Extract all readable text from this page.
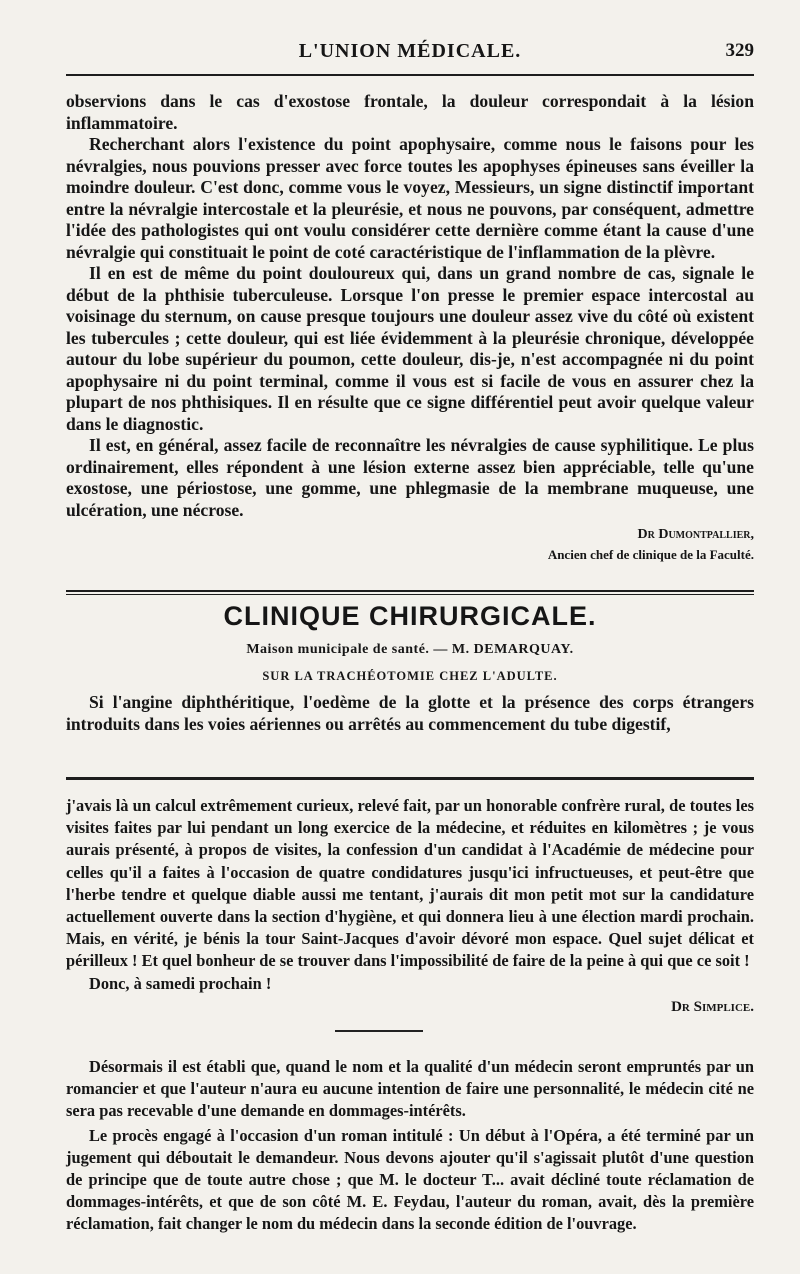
L'UNION MÉDICALE.	329

observions dans le cas d'exostose frontale, la douleur correspondait à la lésion inflammatoire.

Recherchant alors l'existence du point apophysaire, comme nous le faisons pour les névralgies, nous pouvions presser avec force toutes les apophyses épineuses sans éveiller la moindre douleur. C'est donc, comme vous le voyez, Messieurs, un signe distinctif important entre la névralgie intercostale et la pleurésie, et nous ne pouvons, par conséquent, admettre l'idée des pathologistes qui ont voulu considérer cette dernière comme étant la cause d'une névralgie qui constituait le point de coté caractéristique de l'inflammation de la plèvre.

Il en est de même du point douloureux qui, dans un grand nombre de cas, signale le début de la phthisie tuberculeuse. Lorsque l'on presse le premier espace intercostal au voisinage du sternum, on cause presque toujours une douleur assez vive du côté où existent les tubercules ; cette douleur, qui est liée évidemment à la pleurésie chronique, développée autour du lobe supérieur du poumon, cette douleur, dis-je, n'est accompagnée ni du point apophysaire ni du point terminal, comme il vous est si facile de vous en assurer chez la plupart de nos phthisiques. Il en résulte que ce signe différentiel peut avoir quelque valeur dans le diagnostic.

Il est, en général, assez facile de reconnaître les névralgies de cause syphilitique. Le plus ordinairement, elles répondent à une lésion externe assez bien appréciable, telle qu'une exostose, une périostose, une gomme, une phlegmasie de la membrane muqueuse, une ulcération, une nécrose.

Dr Dumontpallier,
Ancien chef de clinique de la Faculté.
CLINIQUE CHIRURGICALE.
Maison municipale de santé. — M. DEMARQUAY.
SUR LA TRACHÉOTOMIE CHEZ L'ADULTE.

Si l'angine diphthéritique, l'oedème de la glotte et la présence des corps étrangers introduits dans les voies aériennes ou arrêtés au commencement du tube digestif,

j'avais là un calcul extrêmement curieux, relevé fait, par un honorable confrère rural, de toutes les visites faites par lui pendant un long exercice de la médecine, et réduites en kilomètres ; je vous aurais présenté, à propos de visites, la confession d'un candidat à l'Académie de médecine pour celles qu'il a faites à l'occasion de quatre condidatures jusqu'ici infructueuses, et peut-être que l'herbe tendre et quelque diable aussi me tentant, j'aurais dit mon petit mot sur la candidature actuellement ouverte dans la section d'hygiène, et qui donnera lieu à une élection mardi prochain. Mais, en vérité, je bénis la tour Saint-Jacques d'avoir dévoré mon espace. Quel sujet délicat et périlleux ! Et quel bonheur de se trouver dans l'impossibilité de faire de la peine à qui que ce soit !

Donc, à samedi prochain !

Dr Simplice.

Désormais il est établi que, quand le nom et la qualité d'un médecin seront empruntés par un romancier et que l'auteur n'aura eu aucune intention de faire une personnalité, le médecin cité ne sera pas recevable d'une demande en dommages-intérêts.

Le procès engagé à l'occasion d'un roman intitulé : Un début à l'Opéra, a été terminé par un jugement qui déboutait le demandeur. Nous devons ajouter qu'il s'agissait plutôt d'une question de principe que de toute autre chose ; que M. le docteur T... avait décliné toute réclamation de dommages-intérêts, et que de son côté M. E. Feydau, l'auteur du roman, avait, dès la première réclamation, fait changer le nom du médecin dans la seconde édition de l'ouvrage.
